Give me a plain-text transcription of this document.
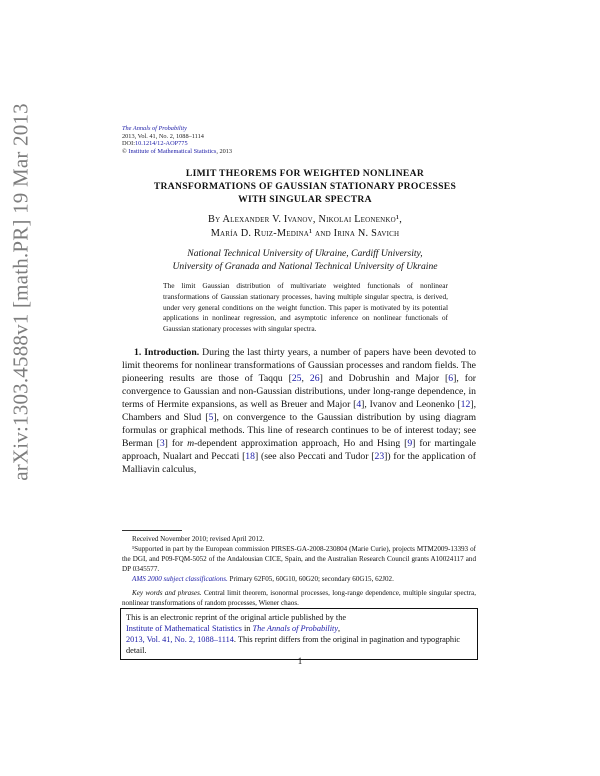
arXiv:1303.4588v1 [math.PR] 19 Mar 2013	The Annals of Probability
2013, Vol. 41, No. 2, 1088–1114
DOI:10.1214/12-AOP775
© Institute of Mathematical Statistics, 2013
LIMIT THEOREMS FOR WEIGHTED NONLINEAR
TRANSFORMATIONS OF GAUSSIAN STATIONARY PROCESSES
WITH SINGULAR SPECTRA
By Alexander V. Ivanov, Nikolai Leonenko¹,
María D. Ruiz-Medina¹ and Irina N. Savich
National Technical University of Ukraine, Cardiff University,
University of Granada and National Technical University of Ukraine
The limit Gaussian distribution of multivariate weighted functionals of nonlinear transformations of Gaussian stationary processes, having multiple singular spectra, is derived, under very general conditions on the weight function. This paper is motivated by its potential applications in nonlinear regression, and asymptotic inference on nonlinear functionals of Gaussian stationary processes with singular spectra.

1. Introduction. During the last thirty years, a number of papers have been devoted to limit theorems for nonlinear transformations of Gaussian processes and random fields. The pioneering results are those of Taqqu [25, 26] and Dobrushin and Major [6], for convergence to Gaussian and non-Gaussian distributions, under long-range dependence, in terms of Hermite expansions, as well as Breuer and Major [4], Ivanov and Leonenko [12], Chambers and Slud [5], on convergence to the Gaussian distribution by using diagram formulas or graphical methods. This line of research continues to be of interest today; see Berman [3] for m-dependent approximation approach, Ho and Hsing [9] for martingale approach, Nualart and Peccati [18] (see also Peccati and Tudor [23]) for the application of Malliavin calculus,

Received November 2010; revised April 2012.

¹Supported in part by the European commission PIRSES-GA-2008-230804 (Marie Curie), projects MTM2009-13393 of the DGI, and P09-FQM-5052 of the Andalousian CICE, Spain, and the Australian Research Council grants A10024117 and DP 0345577.

AMS 2000 subject classifications. Primary 62F05, 60G10, 60G20; secondary 60G15, 62J02.

Key words and phrases. Central limit theorem, isonormal processes, long-range dependence, multiple singular spectra, nonlinear transformations of random processes, Wiener chaos.

This is an electronic reprint of the original article published by the
Institute of Mathematical Statistics in The Annals of Probability,
2013, Vol. 41, No. 2, 1088–1114. This reprint differs from the original in pagination and typographic detail.
1
